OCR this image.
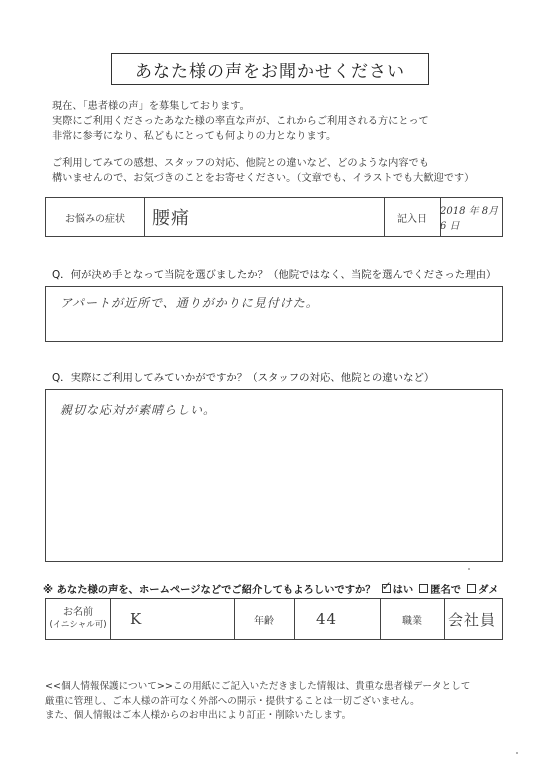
あなた様の声をお聞かせください

現在、「患者様の声」を募集しております。

実際にご利用くださったあなた様の率直な声が、これからご利用される方にとって

非常に参考になり、私どもにとっても何よりの力となります。

ご利用してみての感想、スタッフの対応、他院との違いなど、どのような内容でも

構いませんので、お気づきのことをお寄せください。（文章でも、イラストでも大歓迎です）

お悩みの症状	腰痛	記入日
2018 年 8月 6 日
Q．何が決め手となって当院を選びましたか？（他院ではなく、当院を選んでくださった理由）
アパートが近所で、通りがかりに見付けた。
Q．実際にご利用してみていかがですか？（スタッフの対応、他院との違いなど）
親切な応対が素晴らしい。
※ あなた様の声を、ホームページなどでご紹介してもよろしいですか？
✓ はい 匿名で ダメ
お名前
(イニシャル可)	K	年齢	44	職業	会社員

<<個人情報保護について>>この用紙にご記入いただきました情報は、貴重な患者様データとして

厳重に管理し、ご本人様の許可なく外部への開示・提供することは一切ございません。

また、個人情報はご本人様からのお申出により訂正・削除いたします。
